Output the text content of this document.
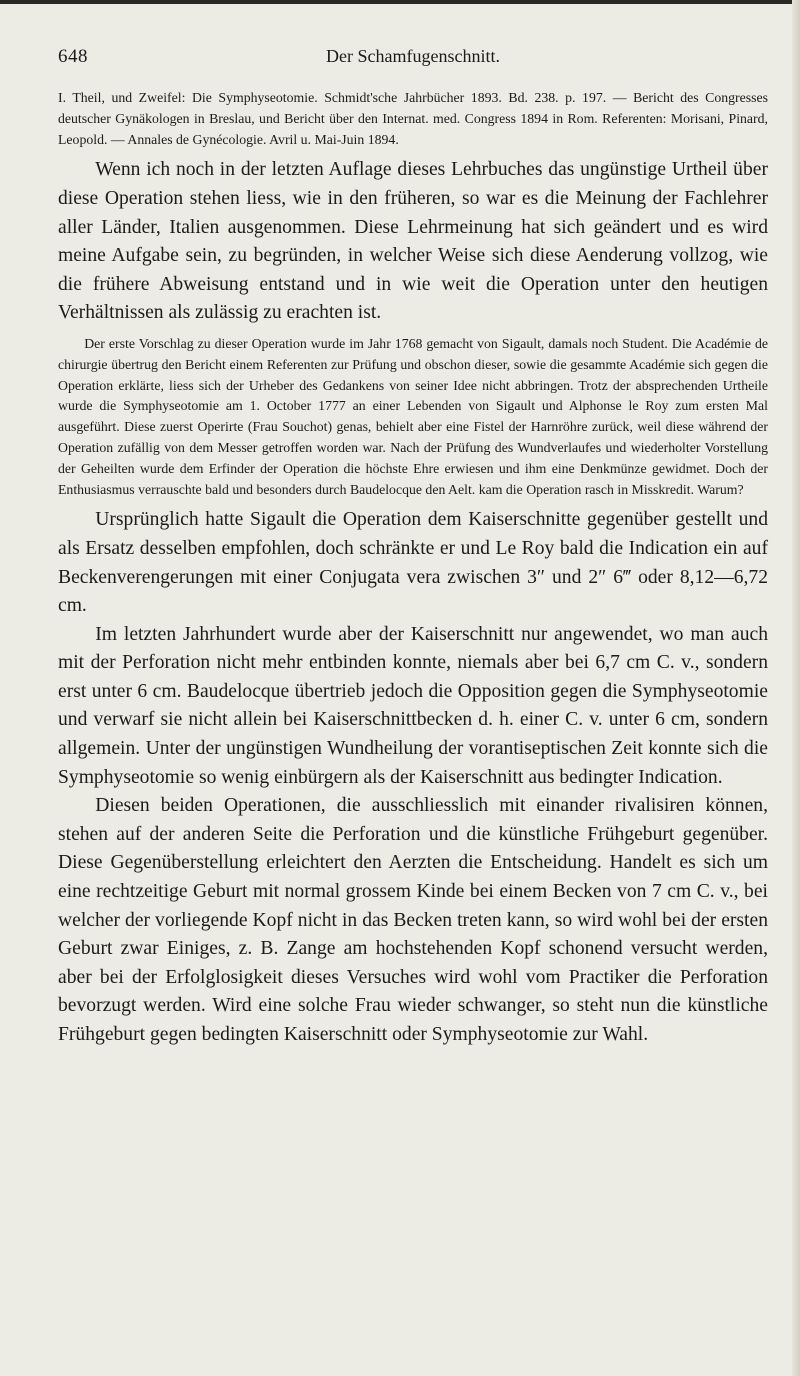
648	Der Schamfugenschnitt.

I. Theil, und Zweifel: Die Symphyseotomie. Schmidt'sche Jahrbücher 1893. Bd. 238. p. 197. — Bericht des Congresses deutscher Gynäkologen in Breslau, und Bericht über den Internat. med. Congress 1894 in Rom. Referenten: Morisani, Pinard, Leopold. — Annales de Gynécologie. Avril u. Mai-Juin 1894.

Wenn ich noch in der letzten Auflage dieses Lehrbuches das ungünstige Urtheil über diese Operation stehen liess, wie in den früheren, so war es die Meinung der Fachlehrer aller Länder, Italien ausgenommen. Diese Lehrmeinung hat sich geändert und es wird meine Aufgabe sein, zu begründen, in welcher Weise sich diese Aenderung vollzog, wie die frühere Abweisung entstand und in wie weit die Operation unter den heutigen Verhältnissen als zulässig zu erachten ist.

Der erste Vorschlag zu dieser Operation wurde im Jahr 1768 gemacht von Sigault, damals noch Student. Die Académie de chirurgie übertrug den Bericht einem Referenten zur Prüfung und obschon dieser, sowie die gesammte Académie sich gegen die Operation erklärte, liess sich der Urheber des Gedankens von seiner Idee nicht abbringen. Trotz der absprechenden Urtheile wurde die Symphyseotomie am 1. October 1777 an einer Lebenden von Sigault und Alphonse le Roy zum ersten Mal ausgeführt. Diese zuerst Operirte (Frau Souchot) genas, behielt aber eine Fistel der Harnröhre zurück, weil diese während der Operation zufällig von dem Messer getroffen worden war. Nach der Prüfung des Wundverlaufes und wiederholter Vorstellung der Geheilten wurde dem Erfinder der Operation die höchste Ehre erwiesen und ihm eine Denkmünze gewidmet. Doch der Enthusiasmus verrauschte bald und besonders durch Baudelocque den Aelt. kam die Operation rasch in Misskredit. Warum?

Ursprünglich hatte Sigault die Operation dem Kaiserschnitte gegenüber gestellt und als Ersatz desselben empfohlen, doch schränkte er und Le Roy bald die Indication ein auf Beckenverengerungen mit einer Conjugata vera zwischen 3″ und 2″ 6‴ oder 8,12—6,72 cm.

Im letzten Jahrhundert wurde aber der Kaiserschnitt nur angewendet, wo man auch mit der Perforation nicht mehr entbinden konnte, niemals aber bei 6,7 cm C. v., sondern erst unter 6 cm. Baudelocque übertrieb jedoch die Opposition gegen die Symphyseotomie und verwarf sie nicht allein bei Kaiserschnittbecken d. h. einer C. v. unter 6 cm, sondern allgemein. Unter der ungünstigen Wundheilung der vorantiseptischen Zeit konnte sich die Symphyseotomie so wenig einbürgern als der Kaiserschnitt aus bedingter Indication.

Diesen beiden Operationen, die ausschliesslich mit einander rivalisiren können, stehen auf der anderen Seite die Perforation und die künstliche Frühgeburt gegenüber. Diese Gegenüberstellung erleichtert den Aerzten die Entscheidung. Handelt es sich um eine rechtzeitige Geburt mit normal grossem Kinde bei einem Becken von 7 cm C. v., bei welcher der vorliegende Kopf nicht in das Becken treten kann, so wird wohl bei der ersten Geburt zwar Einiges, z. B. Zange am hochstehenden Kopf schonend versucht werden, aber bei der Erfolglosigkeit dieses Versuches wird wohl vom Practiker die Perforation bevorzugt werden. Wird eine solche Frau wieder schwanger, so steht nun die künstliche Frühgeburt gegen bedingten Kaiserschnitt oder Symphyseotomie zur Wahl.
